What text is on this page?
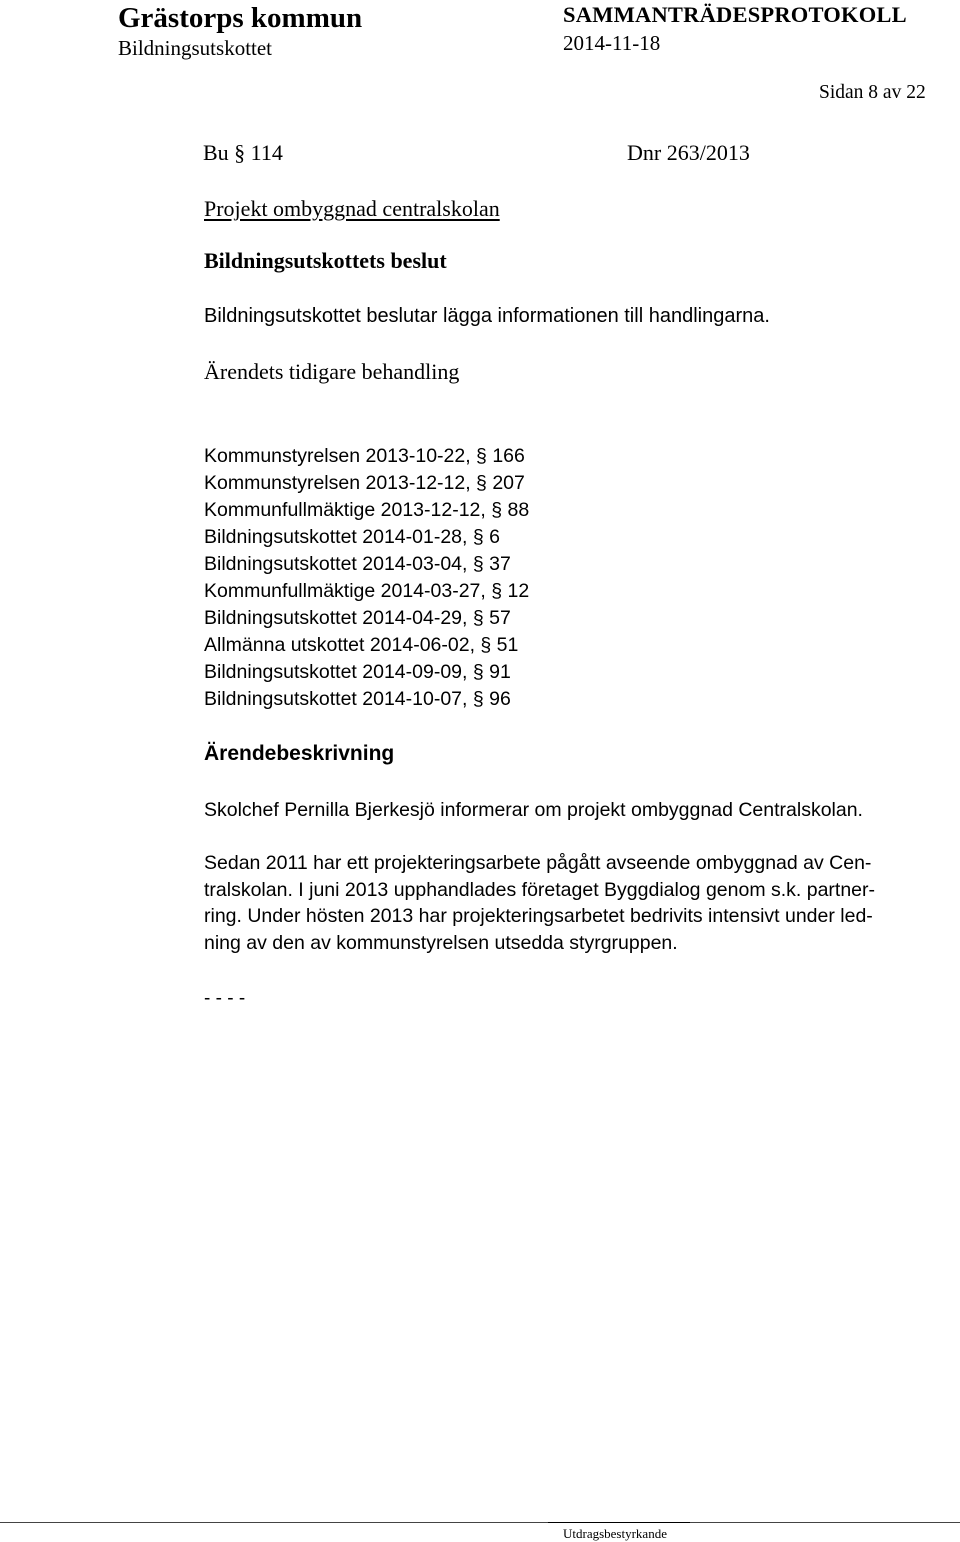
Grästorps kommun
Bildningsutskottet
SAMMANTRÄDESPROTOKOLL
2014-11-18
Sidan 8 av 22
Bu § 114	Dnr 263/2013
Projekt ombyggnad centralskolan
Bildningsutskottets beslut
Bildningsutskottet beslutar lägga informationen till handlingarna.
Ärendets tidigare behandling
Kommunstyrelsen 2013-10-22, § 166
Kommunstyrelsen 2013-12-12, § 207
Kommunfullmäktige 2013-12-12, § 88
Bildningsutskottet 2014-01-28, § 6
Bildningsutskottet 2014-03-04, § 37
Kommunfullmäktige 2014-03-27, § 12
Bildningsutskottet 2014-04-29, § 57
Allmänna utskottet 2014-06-02, § 51
Bildningsutskottet 2014-09-09, § 91
Bildningsutskottet 2014-10-07, § 96
Ärendebeskrivning
Skolchef Pernilla Bjerkesjö informerar om projekt ombyggnad Centralskolan.
Sedan 2011 har ett projekteringsarbete pågått avseende ombyggnad av Cen-
tralskolan. I juni 2013 upphandlades företaget Byggdialog genom s.k. partner-
ring. Under hösten 2013 har projekteringsarbetet bedrivits intensivt under led-
ning av den av kommunstyrelsen utsedda styrgruppen.
- - - -
Utdragsbestyrkande
